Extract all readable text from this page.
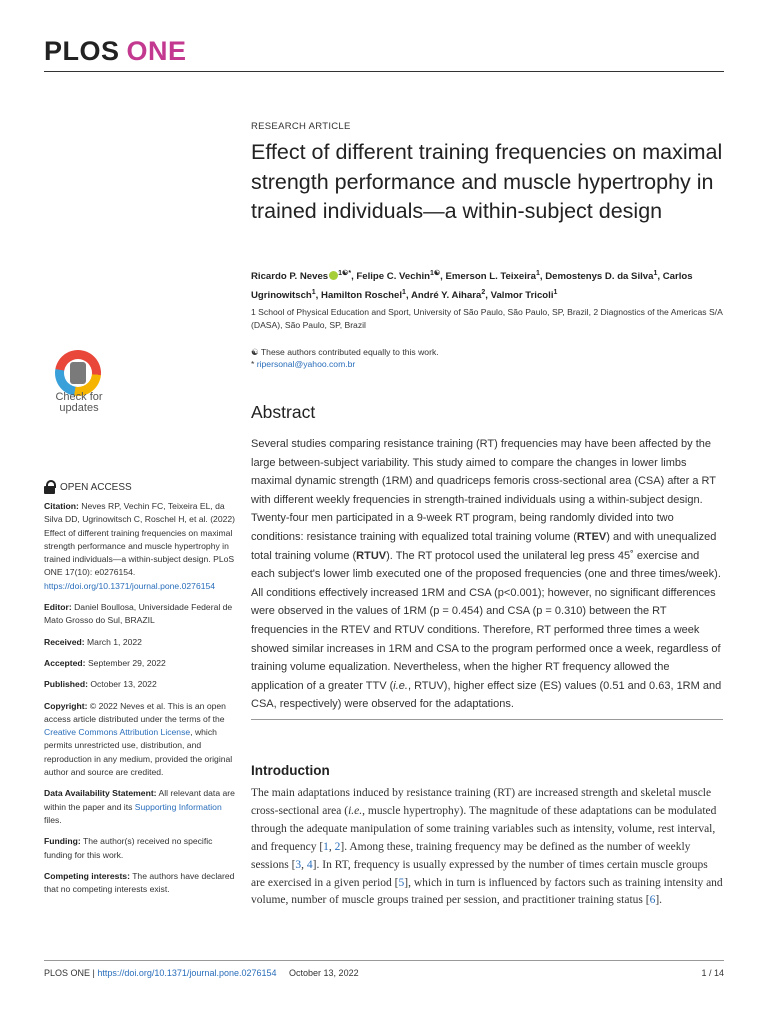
PLOS ONE
Check for
updates
OPEN ACCESS
Citation: Neves RP, Vechin FC, Teixeira EL, da Silva DD, Ugrinowitsch C, Roschel H, et al. (2022) Effect of different training frequencies on maximal strength performance and muscle hypertrophy in trained individuals—a within-subject design. PLoS ONE 17(10): e0276154. https://doi.org/10.1371/journal.pone.0276154
Editor: Daniel Boullosa, Universidade Federal de Mato Grosso do Sul, BRAZIL
Received: March 1, 2022
Accepted: September 29, 2022
Published: October 13, 2022
Copyright: © 2022 Neves et al. This is an open access article distributed under the terms of the Creative Commons Attribution License, which permits unrestricted use, distribution, and reproduction in any medium, provided the original author and source are credited.
Data Availability Statement: All relevant data are within the paper and its Supporting Information files.
Funding: The author(s) received no specific funding for this work.
Competing interests: The authors have declared that no competing interests exist.
RESEARCH ARTICLE
Effect of different training frequencies on maximal strength performance and muscle hypertrophy in trained individuals—a within-subject design
Ricardo P. Neves $^{1☯*}$, Felipe C. Vechin$^{1☯}$, Emerson L. Teixeira$^1$, Demostenys D. da Silva$^1$, Carlos Ugrinowitsch$^1$, Hamilton Roschel$^1$, André Y. Aihara$^2$, Valmor Tricoli$^1$
1 School of Physical Education and Sport, University of São Paulo, São Paulo, SP, Brazil, 2 Diagnostics of the Americas S/A (DASA), São Paulo, SP, Brazil
☯ These authors contributed equally to this work.
* ripersonal@yahoo.com.br
Abstract

Several studies comparing resistance training (RT) frequencies may have been affected by the large between-subject variability. This study aimed to compare the changes in lower limbs maximal dynamic strength (1RM) and quadriceps femoris cross-sectional area (CSA) after a RT with different weekly frequencies in strength-trained individuals using a within-subject design. Twenty-four men participated in a 9-week RT program, being randomly divided into two conditions: resistance training with equalized total training volume (RTEV) and with unequalized total training volume (RTUV). The RT protocol used the unilateral leg press 45˚ exercise and each subject's lower limb executed one of the proposed frequencies (one and three times/week). All conditions effectively increased 1RM and CSA (p<0.001); however, no significant differences were observed in the values of 1RM (p = 0.454) and CSA (p = 0.310) between the RT frequencies in the RTEV and RTUV conditions. Therefore, RT performed three times a week showed similar increases in 1RM and CSA to the program performed once a week, regardless of training volume equalization. Nevertheless, when the higher RT frequency allowed the application of a greater TTV (i.e., RTUV), higher effect size (ES) values (0.51 and 0.63, 1RM and CSA, respectively) were observed for the adaptations.

Introduction

The main adaptations induced by resistance training (RT) are increased strength and skeletal muscle cross-sectional area (i.e., muscle hypertrophy). The magnitude of these adaptations can be modulated through the adequate manipulation of some training variables such as intensity, volume, rest interval, and frequency [1, 2]. Among these, training frequency may be defined as the number of weekly sessions [3, 4]. In RT, frequency is usually expressed by the number of times certain muscle groups are exercised in a given period [5], which in turn is influenced by factors such as training intensity and volume, number of muscle groups trained per session, and practitioner training status [6].

PLOS ONE | https://doi.org/10.1371/journal.pone.0276154 October 13, 2022	1 / 14
